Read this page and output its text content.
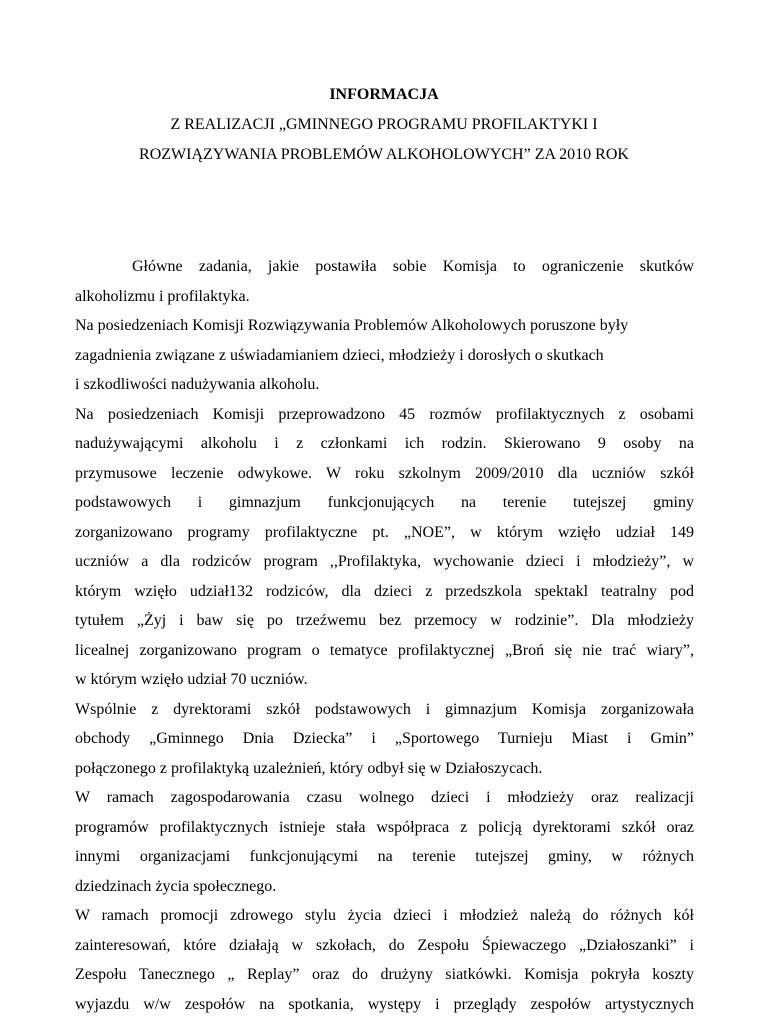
INFORMACJA
Z REALIZACJI „GMINNEGO PROGRAMU PROFILAKTYKI I
ROZWIĄZYWANIA PROBLEMÓW ALKOHOLOWYCH” ZA 2010 ROK
Główne zadania, jakie postawiła sobie Komisja to ograniczenie skutków
alkoholizmu i profilaktyka.
Na posiedzeniach Komisji Rozwiązywania Problemów Alkoholowych poruszone były
zagadnienia związane z uświadamianiem dzieci, młodzieży i dorosłych o skutkach
i szkodliwości nadużywania alkoholu.
Na posiedzeniach Komisji przeprowadzono 45 rozmów profilaktycznych z osobami
nadużywającymi alkoholu i z członkami ich rodzin. Skierowano 9 osoby na
przymusowe leczenie odwykowe. W roku szkolnym 2009/2010 dla uczniów szkół
podstawowych i gimnazjum funkcjonujących na terenie tutejszej gminy
zorganizowano programy profilaktyczne pt. „NOE”, w którym wzięło udział 149
uczniów a dla rodziców program ,,Profilaktyka, wychowanie dzieci i młodzieży”, w
którym wzięło udział132 rodziców, dla dzieci z przedszkola spektakl teatralny pod
tytułem „Żyj i baw się po trzeźwemu bez przemocy w rodzinie”. Dla młodzieży
licealnej zorganizowano program o tematyce profilaktycznej „Broń się nie trać wiary”,
w którym wzięło udział 70 uczniów.
Wspólnie z dyrektorami szkół podstawowych i gimnazjum Komisja zorganizowała
obchody „Gminnego Dnia Dziecka” i „Sportowego Turnieju Miast i Gmin”
połączonego z profilaktyką uzależnień, który odbył się w Działoszycach.
W ramach zagospodarowania czasu wolnego dzieci i młodzieży oraz realizacji
programów profilaktycznych istnieje stała współpraca z policją dyrektorami szkół oraz
innymi organizacjami funkcjonującymi na terenie tutejszej gminy, w różnych
dziedzinach życia społecznego.
W ramach promocji zdrowego stylu życia dzieci i młodzież należą do różnych kół
zainteresowań, które działają w szkołach, do Zespołu Śpiewaczego „Działoszanki” i
Zespołu Tanecznego „ Replay” oraz do drużyny siatkówki. Komisja pokryła koszty
wyjazdu w/w zespołów na spotkania, występy i przeglądy zespołów artystycznych
